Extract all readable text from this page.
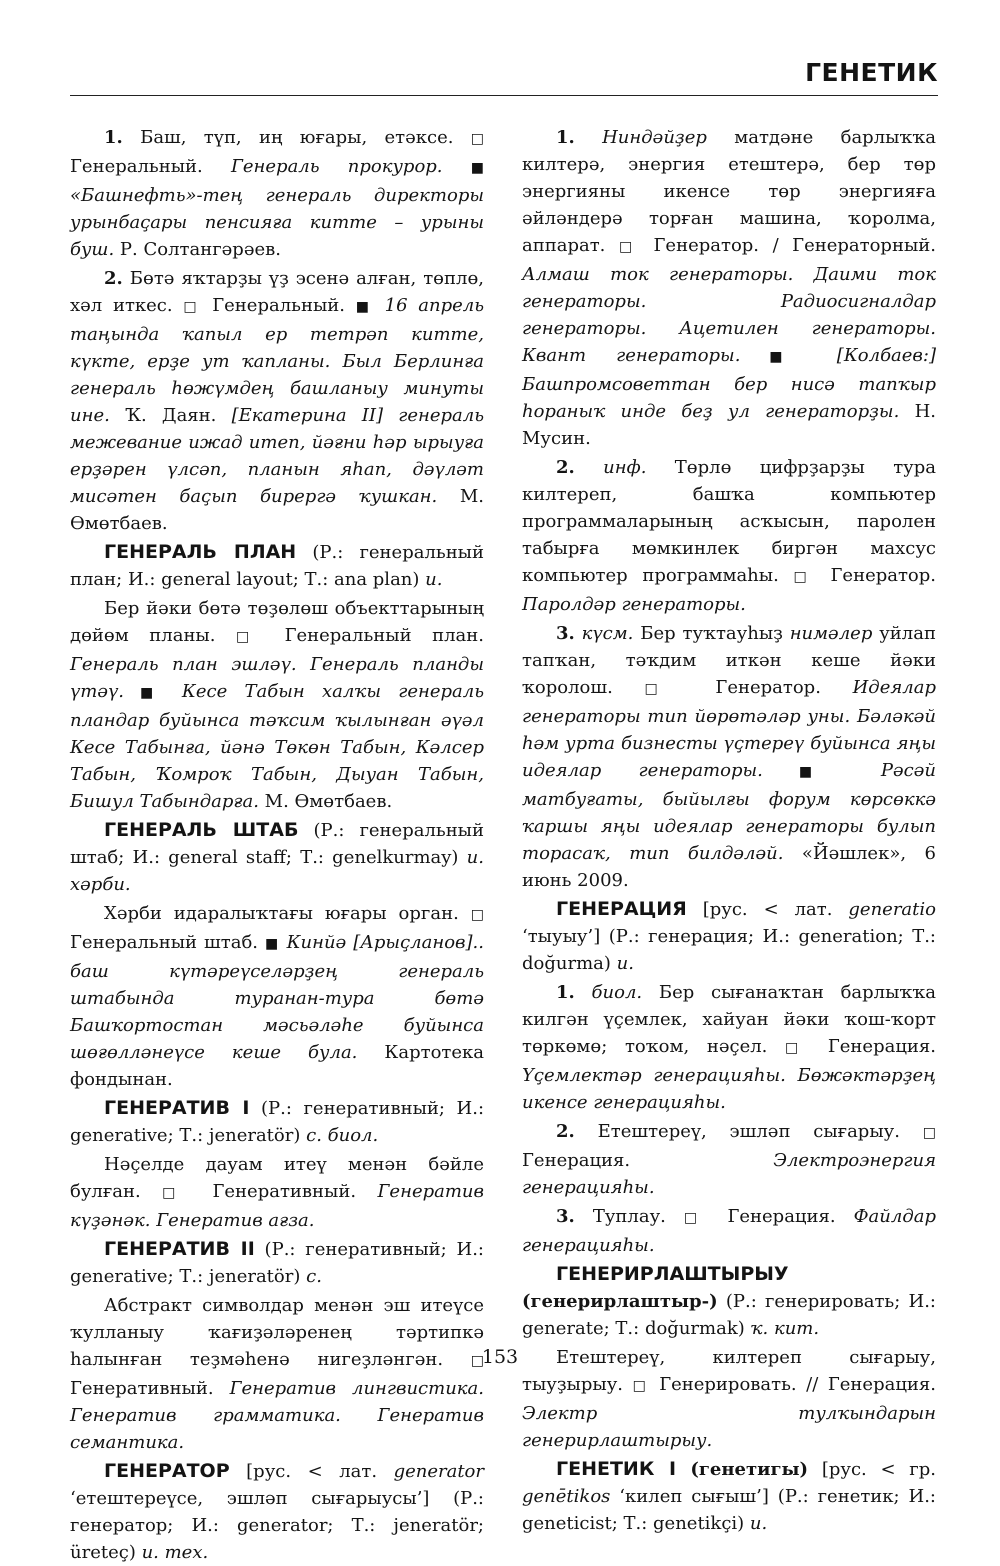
ГЕНЕТИК

1. Баш, түп, иң юғары, етәксе. □ Генеральный. Генераль прокурор. ■ «Башнефть»-тең генераль директоры урынбаҫары пенсияға китте – урыны буш. Р. Солтангәрәев.

2. Бөтә яҡтарҙы үҙ эсенә алған, төплө, хәл иткес. □ Генеральный. ■ 16 апрель таңында ҡапыл ер тетрәп китте, күкте, ерҙе ут ҡапланы. Был Берлинға генераль һөжүмдең башланыу минуты ине. Ҡ. Даян. [Екатерина II] генераль межевание ижад итеп, йәғни һәр ырыуға ерҙәрен үлсәп, планын яһап, дәүләт мисәтен баҫып бирергә ҡушкан. М. Өмөтбаев.

ГЕНЕРАЛЬ ПЛАН (Р.: генеральный план; И.: general layout; Т.: ana plan) и.

Бер йәки бөтә төҙөлөш объекттарының дөйөм планы. □ Генеральный план. Генераль план эшләү. Генераль планды үтәү. ■ Кесе Табын халҡы генераль пландар буйынса тәҡсим ҡылынған әүәл Кесе Табынға, йәнә Төкөн Табын, Кәлсер Табын, Ҡомроҡ Табын, Дыуан Табын, Бишул Табындарға. М. Өмөтбаев.

ГЕНЕРАЛЬ ШТАБ (Р.: генеральный штаб; И.: general staff; Т.: genelkurmay) и. хәрби.

Хәрби идаралыҡтағы юғары орган. □ Генеральный штаб. ■ Кинйә [Арыҫланов].. баш күтәреүселәрҙең генераль штабында туранан-тура бөтә Башҡортостан мәсьәләһе буйынса шөғөлләнеүсе кеше була. Картотека фондынан.

ГЕНЕРАТИВ I (Р.: генеративный; И.: generative; Т.: jeneratör) с. биол.

Нәҫелде дауам итеү менән бәйле булған. □ Генеративный. Генератив күҙәнәк. Генератив ағза.

ГЕНЕРАТИВ II (Р.: генеративный; И.: generative; Т.: jeneratör) с.

Абстракт символдар менән эш итеүсе ҡулланыу ҡағиҙәләренең тәртипкә һалынған теҙмәһенә нигеҙләнгән. □ Генеративный. Генератив лингвистика. Генератив грамматика. Генератив семантика.

ГЕНЕРАТОР [рус. < лат. generator ‘етештереүсе, эшләп сығарыусы’] (Р.: генератор; И.: generator; Т.: jeneratör; üreteç) и. тех.

1. Ниндәйҙер матдәне барлыҡҡа килтерә, энергия етештерә, бер төр энергияны икенсе төр энергияға әйләндерә торған машина, ҡоролма, аппарат. □ Генератор. / Генераторный. Алмаш ток генераторы. Даими ток генераторы. Радиосигналдар генераторы. Ацетилен генераторы. Квант генераторы. ■ [Колбаев:] Башпромсоветтан бер нисә тапҡыр һораныҡ инде беҙ ул генераторҙы. Н. Мусин.

2. инф. Төрлө цифрҙарҙы тура килтереп, башҡа компьютер программаларының асҡысын, паролен табырға мөмкинлек биргән махсус компьютер программаһы. □ Генератор. Паролдәр генераторы.

3. күсм. Бер туҡтауһыҙ нимәлер уйлап тапҡан, тәҡдим иткән кеше йәки ҡоролош. □ Генератор. Идеялар генераторы тип йөрөтәләр уны. Бәләкәй һәм урта бизнесты үҫтереү буйынса яңы идеялар генераторы. ■ Рәсәй матбуғаты, быйылғы форум көрсөккә ҡаршы яңы идеялар генераторы булып торасаҡ, тип билдәләй. «Йәшлек», 6 июнь 2009.

ГЕНЕРАЦИЯ [рус. < лат. generatio ‘тыуыу’] (Р.: генерация; И.: generation; Т.: doğurma) и.

1. биол. Бер сығанаҡтан барлыҡҡа килгән үҫемлек, хайуан йәки ҡош-ҡорт төркөмө; тоҡом, нәҫел. □ Генерация. Үҫемлектәр генерацияһы. Бөжәктәрҙең икенсе генерацияһы.

2. Етештереү, эшләп сығарыу. □ Генерация. Электроэнергия генерацияһы.

3. Туплау. □ Генерация. Файлдар генерацияһы.

ГЕНЕРИРЛАШТЫРЫУ (генерирлаштыр-) (Р.: генерировать; И.: generate; Т.: doğurmak) ҡ. кит.

Етештереү, килтереп сығарыу, тыуҙырыу. □ Генерировать. // Генерация. Электр тулҡындарын генерирлаштырыу.

ГЕНЕТИК I (генетигы) [рус. < гр. genētikos ‘килеп сығыш’] (Р.: генетик; И.: geneticist; Т.: genetikçi) и.

153
